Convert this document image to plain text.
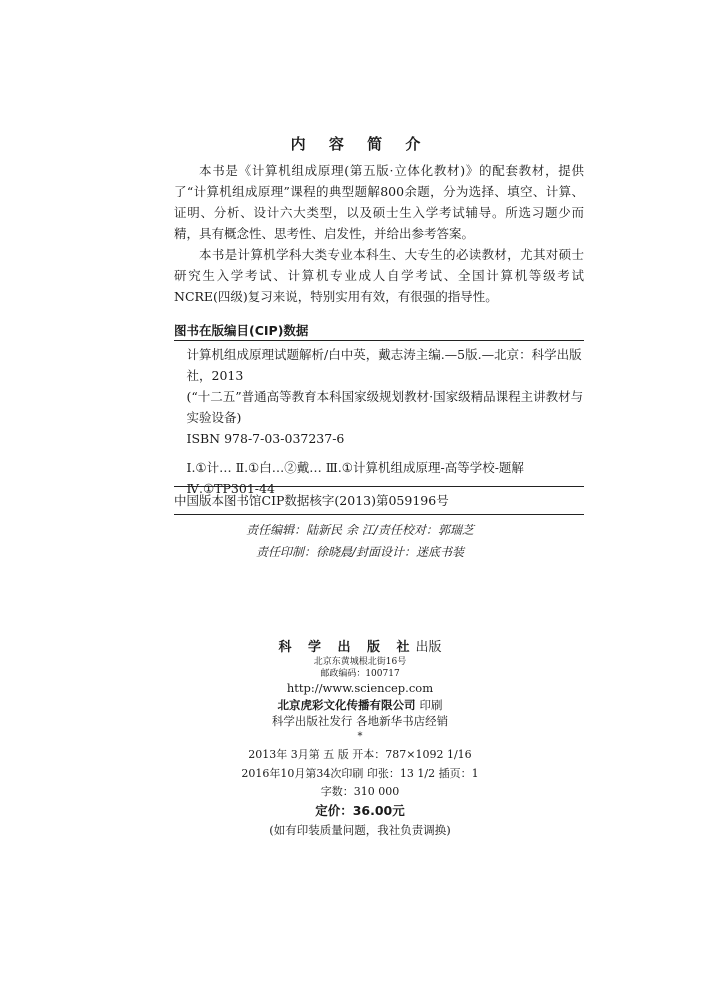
内 容 简 介

本书是《计算机组成原理(第五版·立体化教材)》的配套教材，提供了“计算机组成原理”课程的典型题解800余题，分为选择、填空、计算、证明、分析、设计六大类型，以及硕士生入学考试辅导。所选习题少而精，具有概念性、思考性、启发性，并给出参考答案。

本书是计算机学科大类专业本科生、大专生的必读教材，尤其对硕士研究生入学考试、计算机专业成人自学考试、全国计算机等级考试NCRE(四级)复习来说，特别实用有效，有很强的指导性。

图书在版编目(CIP)数据
计算机组成原理试题解析/白中英，戴志涛主编.—5版.—北京：科学出版社，2013
(“十二五”普通高等教育本科国家级规划教材·国家级精品课程主讲教材与实验设备)
ISBN 978-7-03-037237-6
Ⅰ.①计… Ⅱ.①白…②戴… Ⅲ.①计算机组成原理-高等学校-题解 Ⅳ.①TP301-44
中国版本图书馆CIP数据核字(2013)第059196号
责任编辑：陆新民 余 江/责任校对：郭瑞芝
责任印制：徐晓晨/封面设计：迷底书装
科 学 出 版 社出版
北京东黄城根北街16号
邮政编码：100717
http://www.sciencep.com
北京虎彩文化传播有限公司 印刷
科学出版社发行 各地新华书店经销
*
2013年 3月第 五 版 开本：787×1092 1/16
2016年10月第34次印刷 印张：13 1/2 插页：1
字数：310 000
定价：36.00元
(如有印装质量问题，我社负责调换)
